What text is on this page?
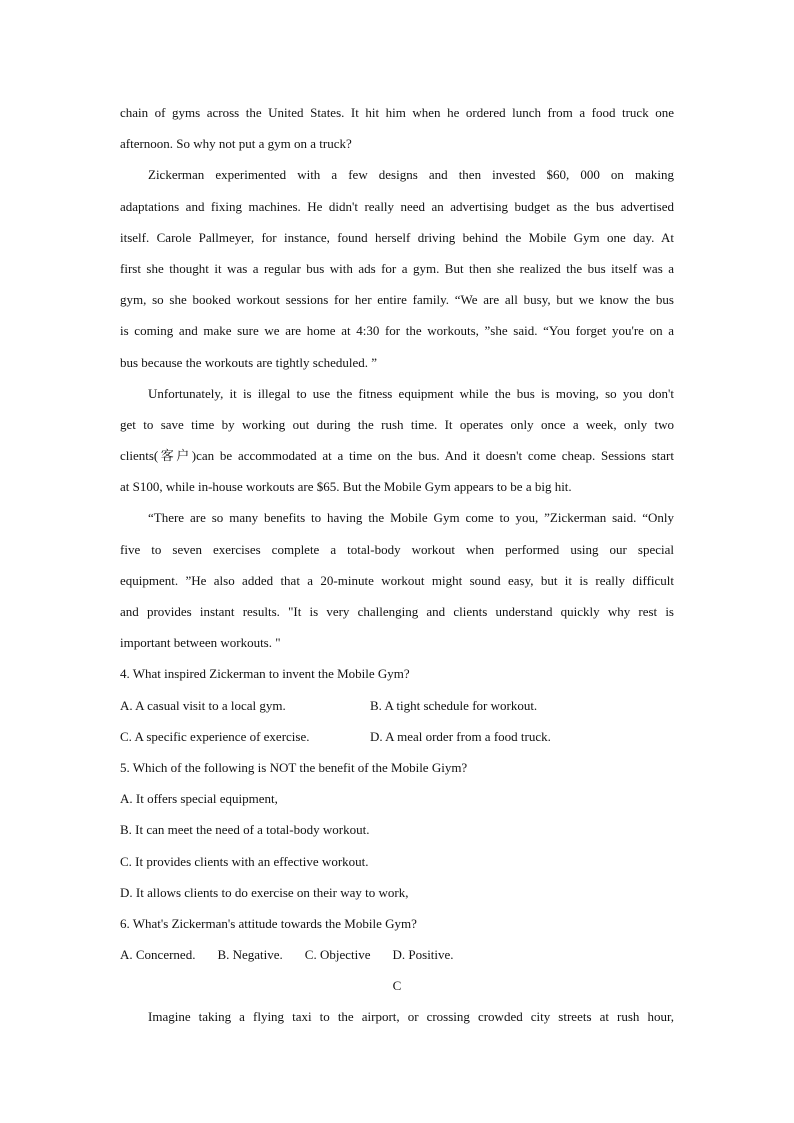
chain of gyms across the United States. It hit him when he ordered lunch from a food truck one
afternoon. So why not put a gym on a truck?
Zickerman experimented with a few designs and then invested $60, 000 on making
adaptations and fixing machines. He didn't really need an advertising budget as the bus advertised
itself. Carole Pallmeyer, for instance, found herself driving behind the Mobile Gym one day. At
first she thought it was a regular bus with ads for a gym. But then she realized the bus itself was a
gym, so she booked workout sessions for her entire family. “We are all busy, but we know the bus
is coming and make sure we are home at 4:30 for the workouts, ”she said. “You forget you're on a
bus because the workouts are tightly scheduled. ”
Unfortunately, it is illegal to use the fitness equipment while the bus is moving, so you don't
get to save time by working out during the rush time. It operates only once a week, only two
clients(客户)can be accommodated at a time on the bus. And it doesn't come cheap. Sessions start
at S100, while in-house workouts are $65. But the Mobile Gym appears to be a big hit.
“There are so many benefits to having the Mobile Gym come to you, ”Zickerman said. “Only
five to seven exercises complete a total-body workout when performed using our special
equipment. ”He also added that a 20-minute workout might sound easy, but it is really difficult
and provides instant results. "It is very challenging and clients understand quickly why rest is
important between workouts. "
4. What inspired Zickerman to invent the Mobile Gym?
A. A casual visit to a local gym.	B. A tight schedule for workout.
C. A specific experience of exercise.	D. A meal order from a food truck.
5. Which of the following is NOT the benefit of the Mobile Giym?
A. It offers special equipment,
B. It can meet the need of a total-body workout.
C. It provides clients with an effective workout.
D. It allows clients to do exercise on their way to work,
6. What's Zickerman's attitude towards the Mobile Gym?
A. Concerned. B. Negative. C. Objective D. Positive.
C
Imagine taking a flying taxi to the airport, or crossing crowded city streets at rush hour,
